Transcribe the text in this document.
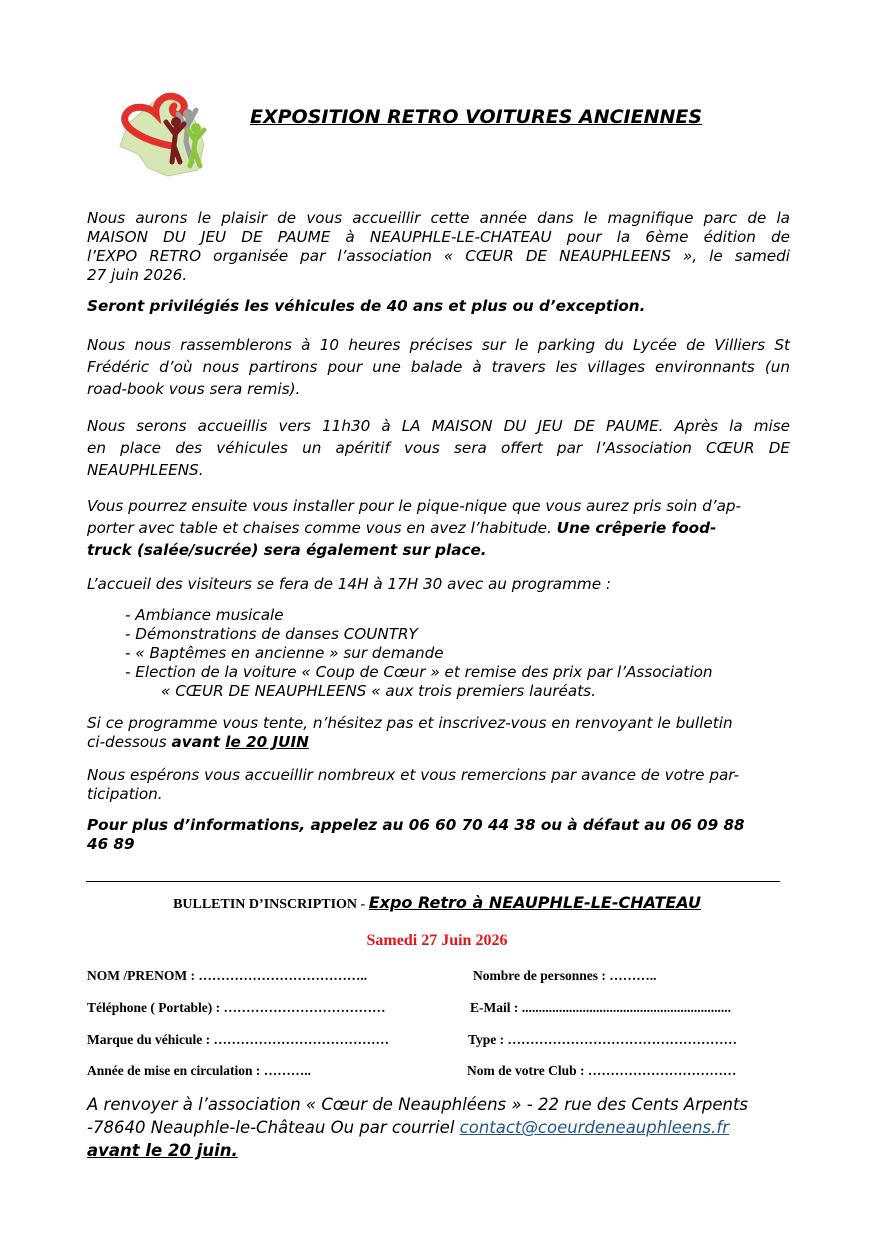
EXPOSITION RETRO VOITURES ANCIENNES
Nous aurons le plaisir de vous accueillir cette année dans le magnifique parc de la
MAISON DU JEU DE PAUME à NEAUPHLE-LE-CHATEAU pour la 6ème édition de
l’EXPO RETRO organisée par l’association « CŒUR DE NEAUPHLEENS », le samedi
27 juin 2026.
Seront privilégiés les véhicules de 40 ans et plus ou d’exception.
Nous nous rassemblerons à 10 heures précises sur le parking du Lycée de Villiers St
Frédéric d’où nous partirons pour une balade à travers les villages environnants (un
road-book vous sera remis).
Nous serons accueillis vers 11h30 à LA MAISON DU JEU DE PAUME. Après la mise
en place des véhicules un apéritif vous sera offert par l’Association CŒUR DE
NEAUPHLEENS.
Vous pourrez ensuite vous installer pour le pique-nique que vous aurez pris soin d’ap-
porter avec table et chaises comme vous en avez l’habitude. Une crêperie food-
truck (salée/sucrée) sera également sur place.
L’accueil des visiteurs se fera de 14H à 17H 30 avec au programme :
- Ambiance musicale
- Démonstrations de danses COUNTRY
- « Baptêmes en ancienne » sur demande
- Election de la voiture « Coup de Cœur » et remise des prix par l’Association
« CŒUR DE NEAUPHLEENS « aux trois premiers lauréats.
Si ce programme vous tente, n’hésitez pas et inscrivez-vous en renvoyant le bulletin
ci-dessous avant le 20 JUIN
Nous espérons vous accueillir nombreux et vous remercions par avance de votre par-
ticipation.
Pour plus d’informations, appelez au 06 60 70 44 38 ou à défaut au 06 09 88
46 89
BULLETIN D’INSCRIPTION - Expo Retro à NEAUPHLE-LE-CHATEAU
Samedi 27 Juin 2026
NOM /PRENOM : ………………………………..	Nombre de personnes : ………..
Téléphone ( Portable) : ………………………………	E-Mail : ..............................................................
Marque du véhicule : …………………………………	Type : ……………………………………………
Année de mise en circulation : ………..	Nom de votre Club : ……………………………
A renvoyer à l’association « Cœur de Neauphléens » - 22 rue des Cents Arpents
-78640 Neauphle-le-Château Ou par courriel contact@coeurdeneauphleens.fr
avant le 20 juin.
